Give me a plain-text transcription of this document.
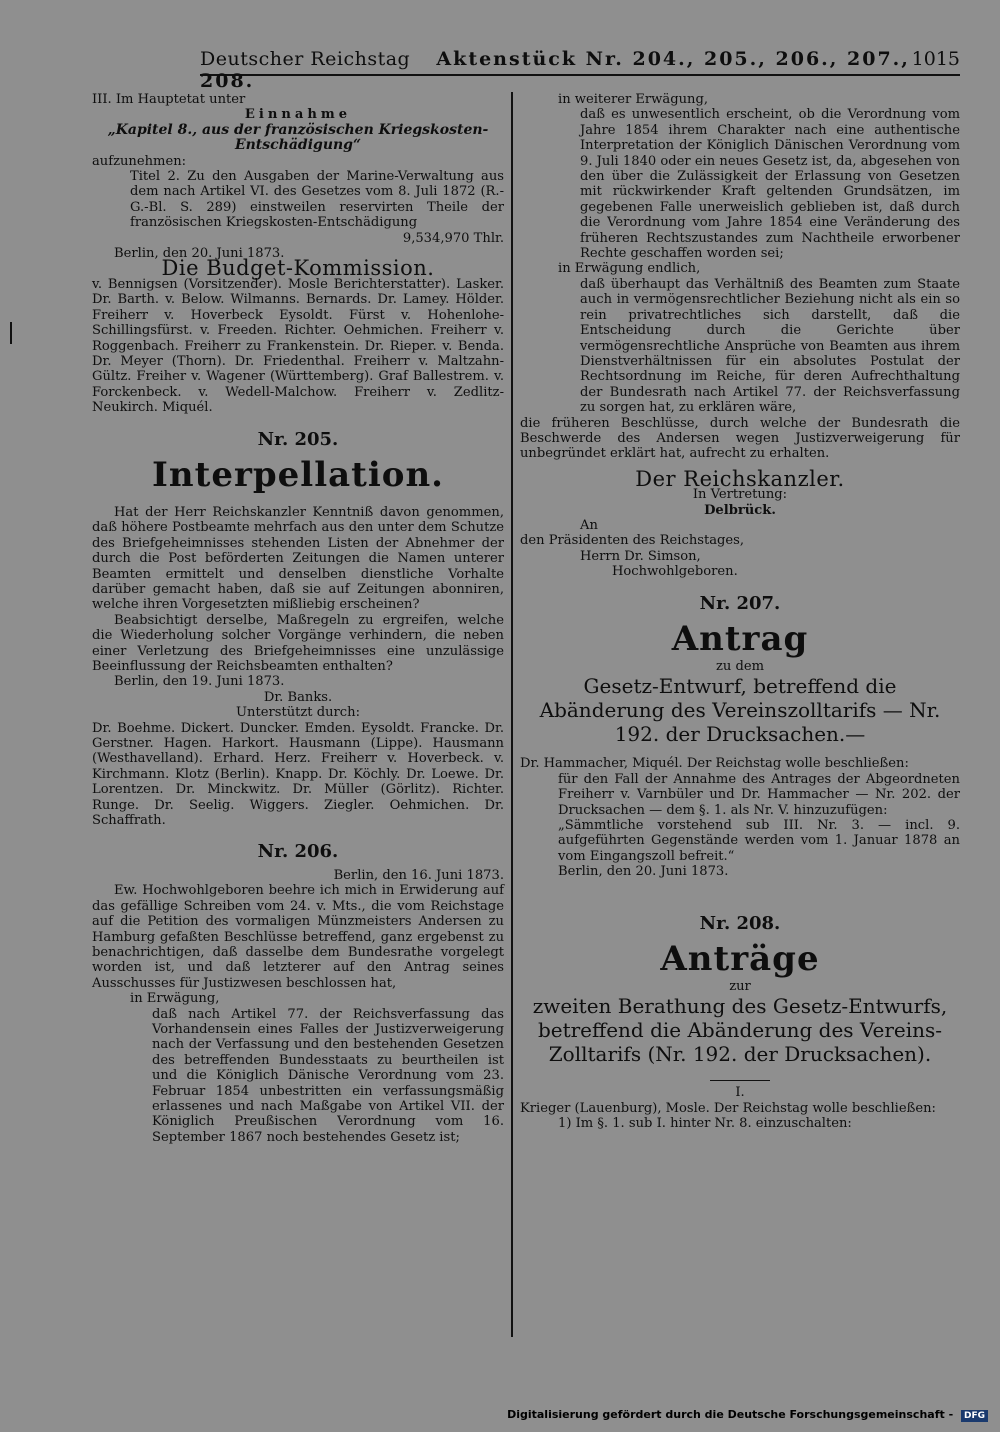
Deutscher Reichstag Aktenstück Nr. 204., 205., 206., 207., 208.
1015

III. Im Hauptetat unter

Einnahme

„Kapitel 8., aus der französischen Kriegskosten-Entschädigung“

aufzunehmen:

Titel 2. Zu den Ausgaben der Marine-Verwaltung aus dem nach Artikel VI. des Gesetzes vom 8. Juli 1872 (R.-G.-Bl. S. 289) einstweilen reservirten Theile der französischen Kriegskosten-Entschädigung

9,534,970 Thlr.

Berlin, den 20. Juni 1873.

Die Budget-Kommission.

v. Bennigsen (Vorsitzender). Mosle Berichterstatter). Lasker. Dr. Barth. v. Below. Wilmanns. Bernards. Dr. Lamey. Hölder. Freiherr v. Hoverbeck Eysoldt. Fürst v. Hohenlohe-Schillingsfürst. v. Freeden. Richter. Oehmichen. Freiherr v. Roggenbach. Freiherr zu Frankenstein. Dr. Rieper. v. Benda. Dr. Meyer (Thorn). Dr. Friedenthal. Freiherr v. Maltzahn-Gültz. Freiher v. Wagener (Württemberg). Graf Ballestrem. v. Forckenbeck. v. Wedell-Malchow. Freiherr v. Zedlitz-Neukirch. Miquél.

Nr. 205.

Interpellation.

Hat der Herr Reichskanzler Kenntniß davon genommen, daß höhere Postbeamte mehrfach aus den unter dem Schutze des Briefgeheimnisses stehenden Listen der Abnehmer der durch die Post beförderten Zeitungen die Namen unterer Beamten ermittelt und denselben dienstliche Vorhalte darüber gemacht haben, daß sie auf Zeitungen abonniren, welche ihren Vorgesetzten mißliebig erscheinen?

Beabsichtigt derselbe, Maßregeln zu ergreifen, welche die Wiederholung solcher Vorgänge verhindern, die neben einer Verletzung des Briefgeheimnisses eine unzulässige Beeinflussung der Reichsbeamten enthalten?

Berlin, den 19. Juni 1873.

Dr. Banks.

Unterstützt durch:

Dr. Boehme. Dickert. Duncker. Emden. Eysoldt. Francke. Dr. Gerstner. Hagen. Harkort. Hausmann (Lippe). Hausmann (Westhavelland). Erhard. Herz. Freiherr v. Hoverbeck. v. Kirchmann. Klotz (Berlin). Knapp. Dr. Köchly. Dr. Loewe. Dr. Lorentzen. Dr. Minckwitz. Dr. Müller (Görlitz). Richter. Runge. Dr. Seelig. Wiggers. Ziegler. Oehmichen. Dr. Schaffrath.

Nr. 206.

Berlin, den 16. Juni 1873.

Ew. Hochwohlgeboren beehre ich mich in Erwiderung auf das gefällige Schreiben vom 24. v. Mts., die vom Reichstage auf die Petition des vormaligen Münzmeisters Andersen zu Hamburg gefaßten Beschlüsse betreffend, ganz ergebenst zu benachrichtigen, daß dasselbe dem Bundesrathe vorgelegt worden ist, und daß letzterer auf den Antrag seines Ausschusses für Justizwesen beschlossen hat,

in Erwägung,

daß nach Artikel 77. der Reichsverfassung das Vorhandensein eines Falles der Justizverweigerung nach der Verfassung und den bestehenden Gesetzen des betreffenden Bundesstaats zu beurtheilen ist und die Königlich Dänische Verordnung vom 23. Februar 1854 unbestritten ein verfassungsmäßig erlassenes und nach Maßgabe von Artikel VII. der Königlich Preußischen Verordnung vom 16. September 1867 noch bestehendes Gesetz ist;

in weiterer Erwägung,

daß es unwesentlich erscheint, ob die Verordnung vom Jahre 1854 ihrem Charakter nach eine authentische Interpretation der Königlich Dänischen Verordnung vom 9. Juli 1840 oder ein neues Gesetz ist, da, abgesehen von den über die Zulässigkeit der Erlassung von Gesetzen mit rückwirkender Kraft geltenden Grundsätzen, im gegebenen Falle unerweislich geblieben ist, daß durch die Verordnung vom Jahre 1854 eine Veränderung des früheren Rechtszustandes zum Nachtheile erworbener Rechte geschaffen worden sei;

in Erwägung endlich,

daß überhaupt das Verhältniß des Beamten zum Staate auch in vermögensrechtlicher Beziehung nicht als ein so rein privatrechtliches sich darstellt, daß die Entscheidung durch die Gerichte über vermögensrechtliche Ansprüche von Beamten aus ihrem Dienstverhältnissen für ein absolutes Postulat der Rechtsordnung im Reiche, für deren Aufrechthaltung der Bundesrath nach Artikel 77. der Reichsverfassung zu sorgen hat, zu erklären wäre,

die früheren Beschlüsse, durch welche der Bundesrath die Beschwerde des Andersen wegen Justizverweigerung für unbegründet erklärt hat, aufrecht zu erhalten.

Der Reichskanzler.

In Vertretung:

Delbrück.

An

den Präsidenten des Reichstages,

Herrn Dr. Simson,

Hochwohlgeboren.

Nr. 207.

Antrag

zu dem

Gesetz-Entwurf, betreffend die Abänderung des Vereinszolltarifs — Nr. 192. der Drucksachen.—

Dr. Hammacher, Miquél. Der Reichstag wolle beschließen:

für den Fall der Annahme des Antrages der Abgeordneten Freiherr v. Varnbüler und Dr. Hammacher — Nr. 202. der Drucksachen — dem §. 1. als Nr. V. hinzuzufügen:

„Sämmtliche vorstehend sub III. Nr. 3. — incl. 9. aufgeführten Gegenstände werden vom 1. Januar 1878 an vom Eingangszoll befreit.“

Berlin, den 20. Juni 1873.

Nr. 208.

Anträge

zur

zweiten Berathung des Gesetz-Entwurfs, betreffend die Abänderung des Vereins-Zolltarifs (Nr. 192. der Drucksachen).

I.

Krieger (Lauenburg), Mosle. Der Reichstag wolle beschließen:

1) Im §. 1. sub I. hinter Nr. 8. einzuschalten:

Digitalisierung gefördert durch die Deutsche Forschungsgemeinschaft - DFG
